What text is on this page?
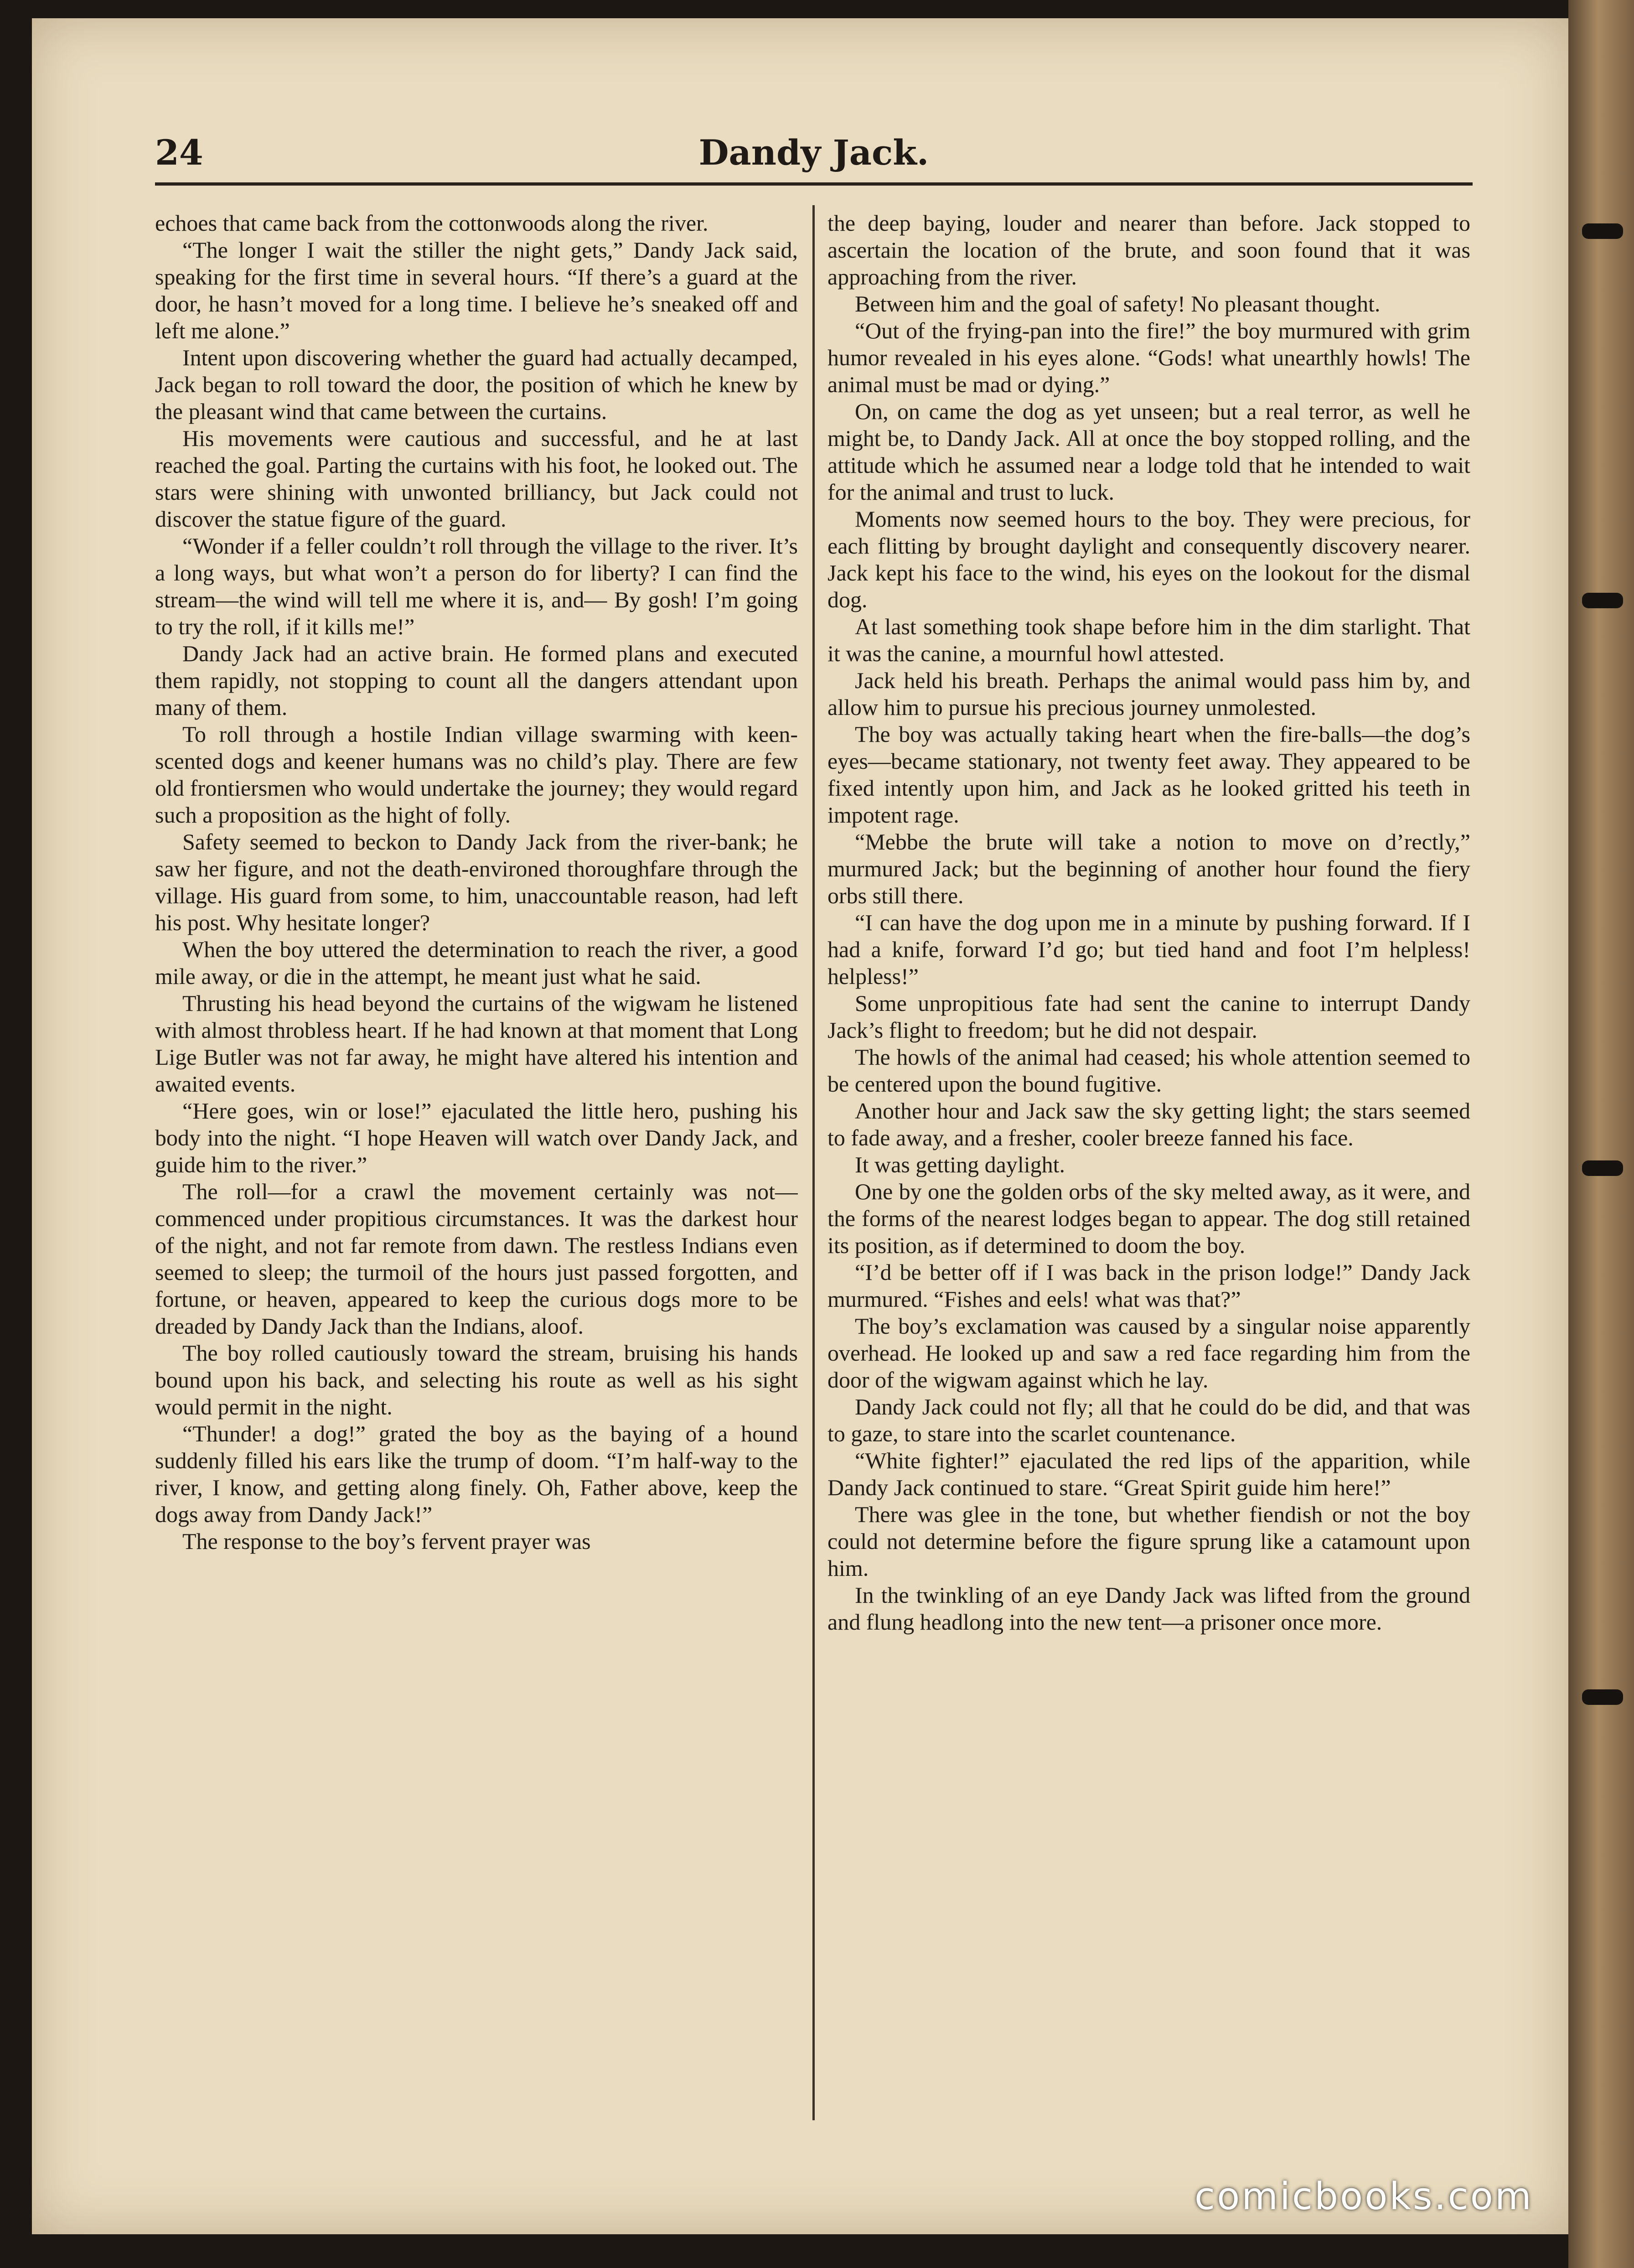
24	Dandy Jack.

echoes that came back from the cottonwoods along the river.

“The longer I wait the stiller the night gets,” Dandy Jack said, speaking for the first time in several hours. “If there’s a guard at the door, he hasn’t moved for a long time. I believe he’s sneaked off and left me alone.”

Intent upon discovering whether the guard had actually decamped, Jack began to roll toward the door, the position of which he knew by the pleasant wind that came between the curtains.

His movements were cautious and successful, and he at last reached the goal. Parting the curtains with his foot, he looked out. The stars were shining with unwonted brilliancy, but Jack could not discover the statue figure of the guard.

“Wonder if a feller couldn’t roll through the village to the river. It’s a long ways, but what won’t a person do for liberty? I can find the stream—the wind will tell me where it is, and— By gosh! I’m going to try the roll, if it kills me!”

Dandy Jack had an active brain. He formed plans and executed them rapidly, not stopping to count all the dangers attendant upon many of them.

To roll through a hostile Indian village swarming with keen-scented dogs and keener humans was no child’s play. There are few old frontiersmen who would undertake the journey; they would regard such a proposition as the hight of folly.

Safety seemed to beckon to Dandy Jack from the river-bank; he saw her figure, and not the death-environed thoroughfare through the village. His guard from some, to him, unaccountable reason, had left his post. Why hesitate longer?

When the boy uttered the determination to reach the river, a good mile away, or die in the attempt, he meant just what he said.

Thrusting his head beyond the curtains of the wigwam he listened with almost throbless heart. If he had known at that moment that Long Lige Butler was not far away, he might have altered his intention and awaited events.

“Here goes, win or lose!” ejaculated the little hero, pushing his body into the night. “I hope Heaven will watch over Dandy Jack, and guide him to the river.”

The roll—for a crawl the movement certainly was not—commenced under propitious circumstances. It was the darkest hour of the night, and not far remote from dawn. The restless Indians even seemed to sleep; the turmoil of the hours just passed forgotten, and fortune, or heaven, appeared to keep the curious dogs more to be dreaded by Dandy Jack than the Indians, aloof.

The boy rolled cautiously toward the stream, bruising his hands bound upon his back, and selecting his route as well as his sight would permit in the night.

“Thunder! a dog!” grated the boy as the baying of a hound suddenly filled his ears like the trump of doom. “I’m half-way to the river, I know, and getting along finely. Oh, Father above, keep the dogs away from Dandy Jack!”

The response to the boy’s fervent prayer was

the deep baying, louder and nearer than before. Jack stopped to ascertain the location of the brute, and soon found that it was approaching from the river.

Between him and the goal of safety! No pleasant thought.

“Out of the frying-pan into the fire!” the boy murmured with grim humor revealed in his eyes alone. “Gods! what unearthly howls! The animal must be mad or dying.”

On, on came the dog as yet unseen; but a real terror, as well he might be, to Dandy Jack. All at once the boy stopped rolling, and the attitude which he assumed near a lodge told that he intended to wait for the animal and trust to luck.

Moments now seemed hours to the boy. They were precious, for each flitting by brought daylight and consequently discovery nearer. Jack kept his face to the wind, his eyes on the lookout for the dismal dog.

At last something took shape before him in the dim starlight. That it was the canine, a mournful howl attested.

Jack held his breath. Perhaps the animal would pass him by, and allow him to pursue his precious journey unmolested.

The boy was actually taking heart when the fire-balls—the dog’s eyes—became stationary, not twenty feet away. They appeared to be fixed intently upon him, and Jack as he looked gritted his teeth in impotent rage.

“Mebbe the brute will take a notion to move on d’rectly,” murmured Jack; but the beginning of another hour found the fiery orbs still there.

“I can have the dog upon me in a minute by pushing forward. If I had a knife, forward I’d go; but tied hand and foot I’m helpless! helpless!”

Some unpropitious fate had sent the canine to interrupt Dandy Jack’s flight to freedom; but he did not despair.

The howls of the animal had ceased; his whole attention seemed to be centered upon the bound fugitive.

Another hour and Jack saw the sky getting light; the stars seemed to fade away, and a fresher, cooler breeze fanned his face.

It was getting daylight.

One by one the golden orbs of the sky melted away, as it were, and the forms of the nearest lodges began to appear. The dog still retained its position, as if determined to doom the boy.

“I’d be better off if I was back in the prison lodge!” Dandy Jack murmured. “Fishes and eels! what was that?”

The boy’s exclamation was caused by a singular noise apparently overhead. He looked up and saw a red face regarding him from the door of the wigwam against which he lay.

Dandy Jack could not fly; all that he could do be did, and that was to gaze, to stare into the scarlet countenance.

“White fighter!” ejaculated the red lips of the apparition, while Dandy Jack continued to stare. “Great Spirit guide him here!”

There was glee in the tone, but whether fiendish or not the boy could not determine before the figure sprung like a catamount upon him.

In the twinkling of an eye Dandy Jack was lifted from the ground and flung headlong into the new tent—a prisoner once more.

comicbooks.com
